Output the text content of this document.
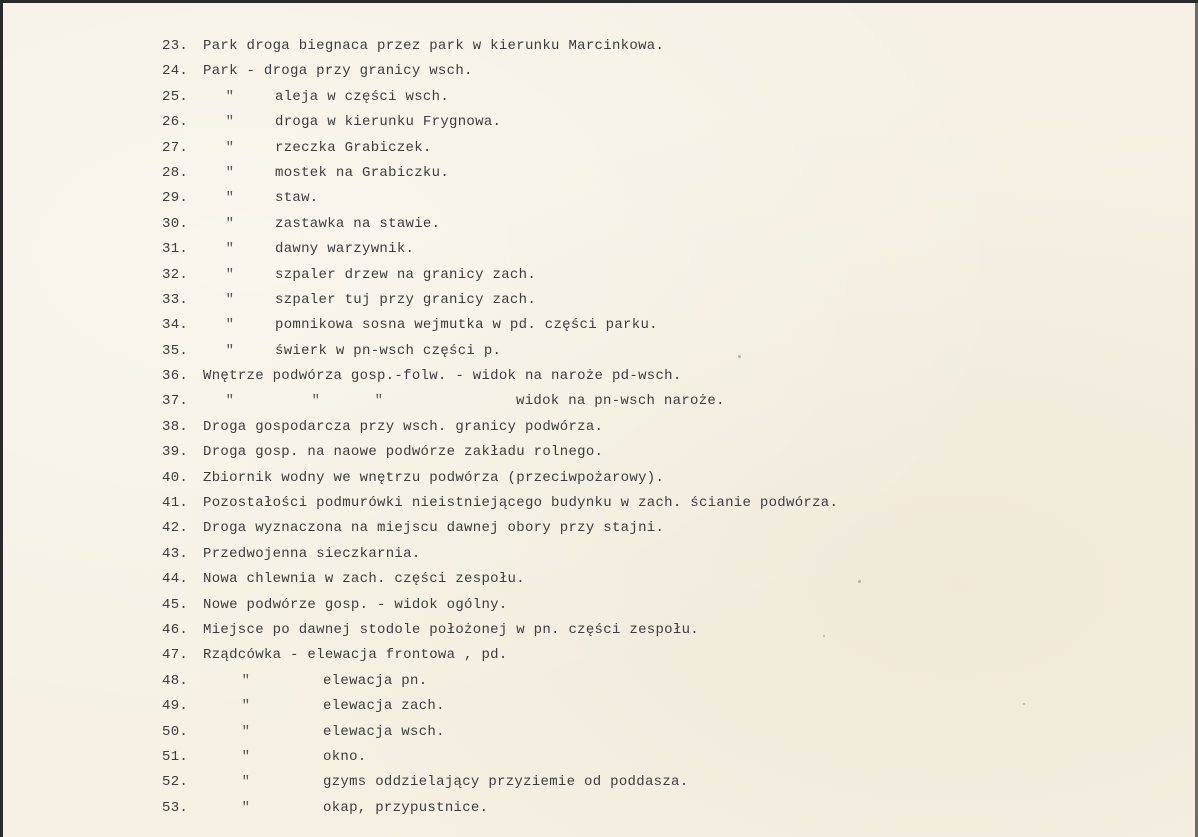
23.	Park droga biegnaca przez park w kierunku Marcinkowa.
24.	Park - droga przy granicy wsch.
25.	"	aleja w części wsch.
26.	"	droga w kierunku Frygnowa.
27.	"	rzeczka Grabiczek.
28.	"	mostek na Grabiczku.
29.	"	staw.
30.	"	zastawka na stawie.
31.	"	dawny warzywnik.
32.	"	szpaler drzew na granicy zach.
33.	"	szpaler tuj przy granicy zach.
34.	"	pomnikowa sosna wejmutka w pd. części parku.
35.	"	świerk w pn-wsch części p.
36.	Wnętrze podwórza gosp.-folw. - widok na naroże pd-wsch.
37.	"	"	"	widok na pn-wsch naroże.
38.	Droga gospodarcza przy wsch. granicy podwórza.
39.	Droga gosp. na naowe podwórze zakładu rolnego.
40.	Zbiornik wodny we wnętrzu podwórza (przeciwpożarowy).
41.	Pozostałości podmurówki nieistniejącego budynku w zach. ścianie podwórza.
42.	Droga wyznaczona na miejscu dawnej obory przy stajni.
43.	Przedwojenna sieczkarnia.
44.	Nowa chlewnia w zach. części zespołu.
45.	Nowe podwórze gosp. - widok ogólny.
46.	Miejsce po dawnej stodole położonej w pn. części zespołu.
47.	Rządcówka - elewacja frontowa , pd.
48.	"	elewacja pn.
49.	"	elewacja zach.
50.	"	elewacja wsch.
51.	"	okno.
52.	"	gzyms oddzielający przyziemie od poddasza.
53.	"	okap, przypustnice.
